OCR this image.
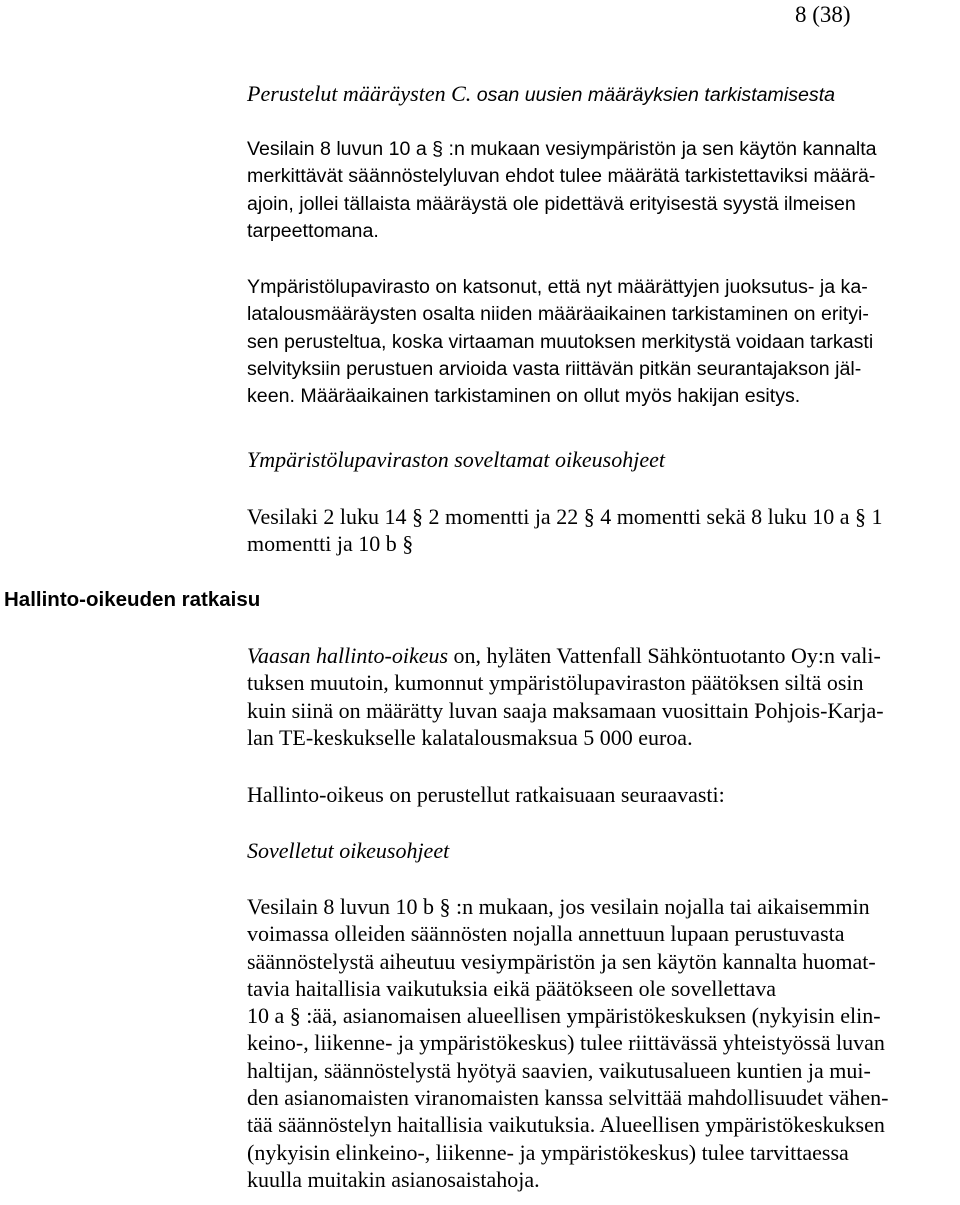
8 (38)
Hallinto-oikeuden ratkaisu
Perustelut määräysten C. osan uusien määräyksien tarkistamisesta
Vesilain 8 luvun 10 a § :n mukaan vesiympäristön ja sen käytön kannalta
merkittävät säännöstelyluvan ehdot tulee määrätä tarkistettaviksi määrä-
ajoin, jollei tällaista määräystä ole pidettävä erityisestä syystä ilmeisen
tarpeettomana.
Ympäristölupavirasto on katsonut, että nyt määrättyjen juoksutus- ja ka-
latalousmääräysten osalta niiden määräaikainen tarkistaminen on erityi-
sen perusteltua, koska virtaaman muutoksen merkitystä voidaan tarkasti
selvityksiin perustuen arvioida vasta riittävän pitkän seurantajakson jäl-
keen. Määräaikainen tarkistaminen on ollut myös hakijan esitys.
Ympäristölupaviraston soveltamat oikeusohjeet
Vesilaki 2 luku 14 § 2 momentti ja 22 § 4 momentti sekä 8 luku 10 a § 1
momentti ja 10 b §
Vaasan hallinto-oikeus on, hyläten Vattenfall Sähköntuotanto Oy:n vali-
tuksen muutoin, kumonnut ympäristölupaviraston päätöksen siltä osin
kuin siinä on määrätty luvan saaja maksamaan vuosittain Pohjois-Karja-
lan TE-keskukselle kalatalousmaksua 5 000 euroa.
Hallinto-oikeus on perustellut ratkaisuaan seuraavasti:
Sovelletut oikeusohjeet
Vesilain 8 luvun 10 b § :n mukaan, jos vesilain nojalla tai aikaisemmin
voimassa olleiden säännösten nojalla annettuun lupaan perustuvasta
säännöstelystä aiheutuu vesiympäristön ja sen käytön kannalta huomat-
tavia haitallisia vaikutuksia eikä päätökseen ole sovellettava
10 a § :ää, asianomaisen alueellisen ympäristökeskuksen (nykyisin elin-
keino-, liikenne- ja ympäristökeskus) tulee riittävässä yhteistyössä luvan
haltijan, säännöstelystä hyötyä saavien, vaikutusalueen kuntien ja mui-
den asianomaisten viranomaisten kanssa selvittää mahdollisuudet vähen-
tää säännöstelyn haitallisia vaikutuksia. Alueellisen ympäristökeskuksen
(nykyisin elinkeino-, liikenne- ja ympäristökeskus) tulee tarvittaessa
kuulla muitakin asianosaistahoja.
